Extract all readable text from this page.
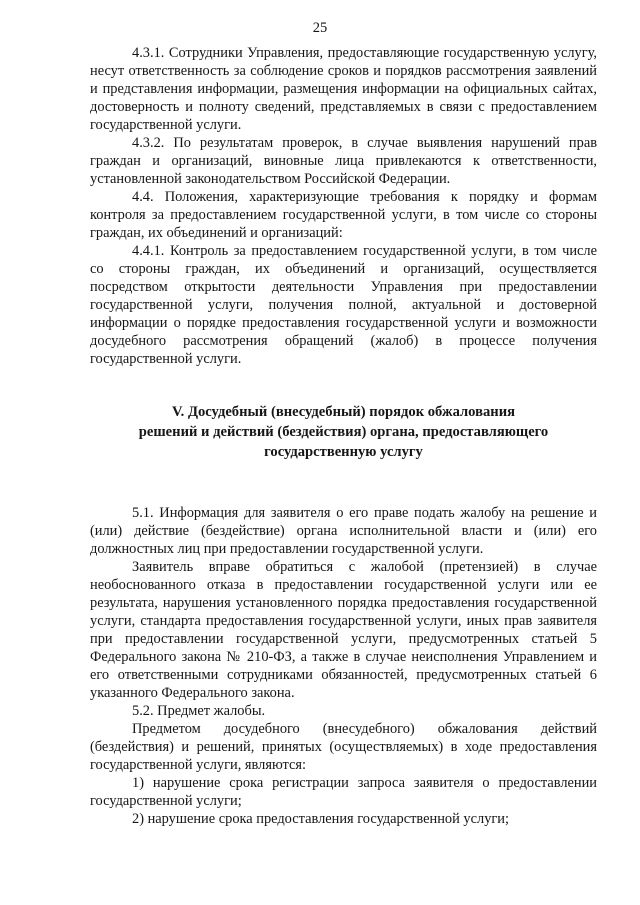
25

4.3.1. Сотрудники Управления, предоставляющие государственную услугу, несут ответственность за соблюдение сроков и порядков рассмотрения заявлений и представления информации, размещения информации на официальных сайтах, достоверность и полноту сведений, представляемых в связи с предоставлением государственной услуги.

4.3.2. По результатам проверок, в случае выявления нарушений прав граждан и организаций, виновные лица привлекаются к ответственности, установленной законодательством Российской Федерации.

4.4. Положения, характеризующие требования к порядку и формам контроля за предоставлением государственной услуги, в том числе со стороны граждан, их объединений и организаций:

4.4.1. Контроль за предоставлением государственной услуги, в том числе со стороны граждан, их объединений и организаций, осуществляется посредством открытости деятельности Управления при предоставлении государственной услуги, получения полной, актуальной и достоверной информации о порядке предоставления государственной услуги и возможности досудебного рассмотрения обращений (жалоб) в процессе получения государственной услуги.

V. Досудебный (внесудебный) порядок обжалования
решений и действий (бездействия) органа, предоставляющего
государственную услугу

5.1. Информация для заявителя о его праве подать жалобу на решение и (или) действие (бездействие) органа исполнительной власти и (или) его должностных лиц при предоставлении государственной услуги.

Заявитель вправе обратиться с жалобой (претензией) в случае необоснованного отказа в предоставлении государственной услуги или ее результата, нарушения установленного порядка предоставления государственной услуги, стандарта предоставления государственной услуги, иных прав заявителя при предоставлении государственной услуги, предусмотренных статьей 5 Федерального закона № 210-ФЗ, а также в случае неисполнения Управлением и его ответственными сотрудниками обязанностей, предусмотренных статьей 6 указанного Федерального закона.

5.2. Предмет жалобы.

Предметом досудебного (внесудебного) обжалования действий (бездействия) и решений, принятых (осуществляемых) в ходе предоставления государственной услуги, являются:

1) нарушение срока регистрации запроса заявителя о предоставлении государственной услуги;

2) нарушение срока предоставления государственной услуги;
